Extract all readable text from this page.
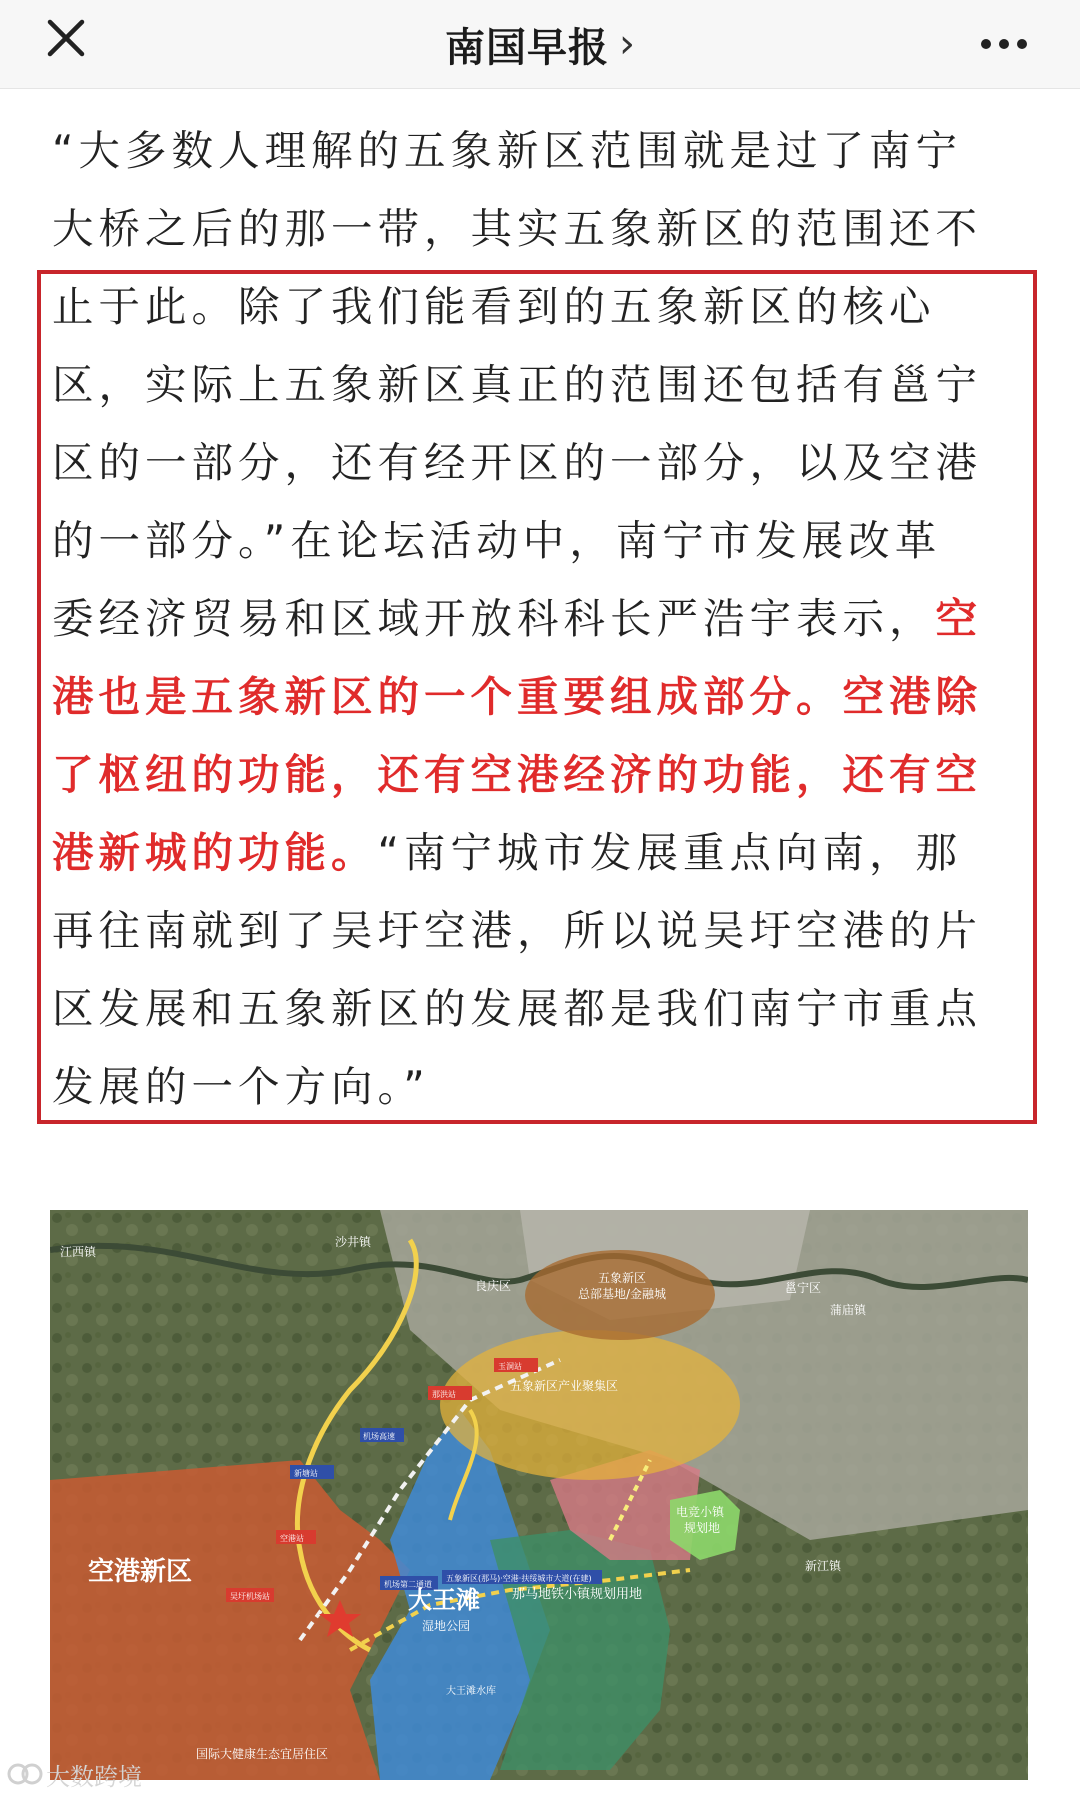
南国早报 ›
“大多数人理解的五象新区范围就是过了南宁
大桥之后的那一带，其实五象新区的范围还不
止于此。除了我们能看到的五象新区的核心
区，实际上五象新区真正的范围还包括有邕宁
区的一部分，还有经开区的一部分，以及空港
的一部分。”在论坛活动中，南宁市发展改革
委经济贸易和区域开放科科长严浩宇表示，空
港也是五象新区的一个重要组成部分。空港除
了枢纽的功能，还有空港经济的功能，还有空
港新城的功能。“南宁城市发展重点向南，那
再往南就到了吴圩空港，所以说吴圩空港的片
区发展和五象新区的发展都是我们南宁市重点
发展的一个方向。”
江西镇
沙井镇
良庆区
五象新区
总部基地/金融城	邕宁区
蒲庙镇
五象新区产业聚集区
玉洞站
那洪站
机场高速
新塘站
空港站
吴圩机场站
机场第二通道
五象新区(那马)·空港·扶绥城市大道(在建)
空港新区
大王滩
湿地公园
那马地铁小镇规划用地
电竞小镇
规划地
新江镇
国际大健康生态宜居住区
大王滩水库
大数跨境
